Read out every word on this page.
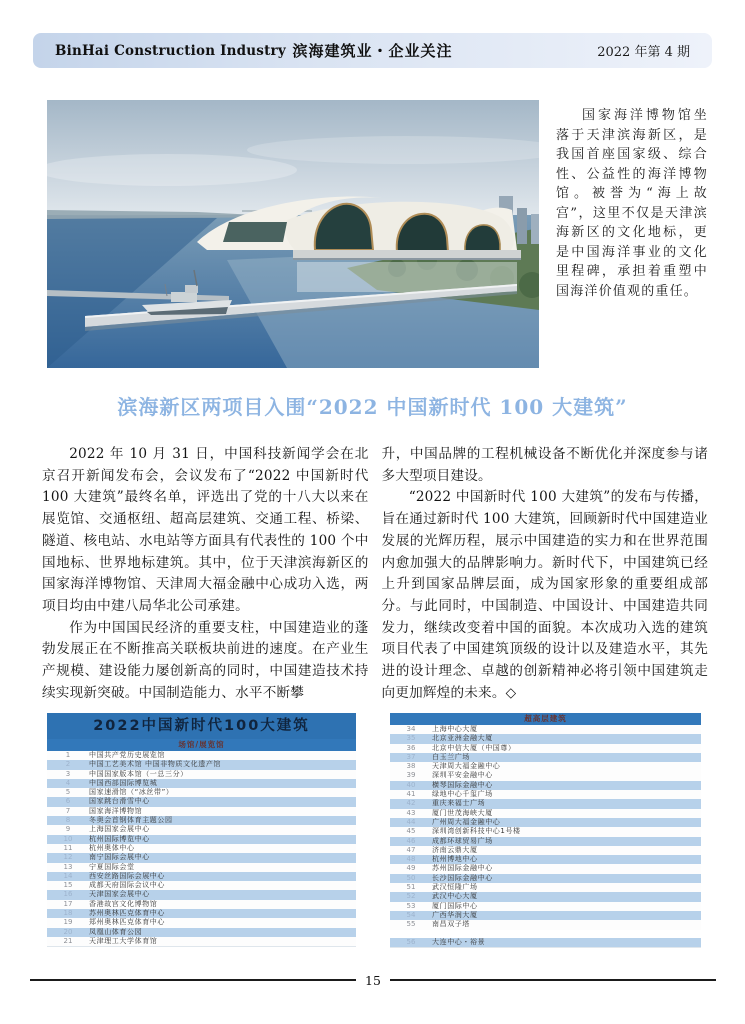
BinHai Construction Industry 滨海建筑业・企业关注	2022 年第 4 期
国家海洋博物馆坐落于天津滨海新区，是我国首座国家级、综合性、公益性的海洋博物馆。被誉为“海上故宫”，这里不仅是天津滨海新区的文化地标，更是中国海洋事业的文化里程碑，承担着重塑中国海洋价值观的重任。
滨海新区两项目入围“2022 中国新时代 100 大建筑”

2022 年 10 月 31 日，中国科技新闻学会在北京召开新闻发布会，会议发布了“2022 中国新时代 100 大建筑”最终名单，评选出了党的十八大以来在展览馆、交通枢纽、超高层建筑、交通工程、桥梁、隧道、核电站、水电站等方面具有代表性的 100 个中国地标、世界地标建筑。其中，位于天津滨海新区的国家海洋博物馆、天津周大福金融中心成功入选，两项目均由中建八局华北公司承建。

作为中国国民经济的重要支柱，中国建造业的蓬勃发展正在不断推高关联板块前进的速度。在产业生产规模、建设能力屡创新高的同时，中国建造技术持续实现新突破。中国制造能力、水平不断攀

升，中国品牌的工程机械设备不断优化并深度参与诸多大型项目建设。

“2022 中国新时代 100 大建筑”的发布与传播，旨在通过新时代 100 大建筑，回顾新时代中国建造业发展的光辉历程，展示中国建造的实力和在世界范围内愈加强大的品牌影响力。新时代下，中国建筑已经上升到国家品牌层面，成为国家形象的重要组成部分。与此同时，中国制造、中国设计、中国建造共同发力，继续改变着中国的面貌。本次成功入选的建筑项目代表了中国建筑顶级的设计以及建造水平，其先进的设计理念、卓越的创新精神必将引领中国建筑走向更加辉煌的未来。◇

2022中国新时代100大建筑
场馆/展览馆
1	中国共产党历史展览馆
2	中国工艺美术馆 中国非物质文化遗产馆
3	中国国家版本馆（一总三分）
4	中国西部国际博览城
5	国家速滑馆（“冰丝带”）
6	国家跳台滑雪中心
7	国家海洋博物馆
8	冬奥会首钢体育主题公园
9	上海国家会展中心
10	杭州国际博览中心
11	杭州奥体中心
12	南宁国际会展中心
13	宁夏国际会堂
14	西安丝路国际会展中心
15	成都天府国际会议中心
16	天津国家会展中心
17	香港故宫文化博物馆
18	苏州奥林匹克体育中心
19	郑州奥林匹克体育中心
20	凤凰山体育公园
21	天津理工大学体育馆
超高层建筑
34	上海中心大厦
35	北京亚洲金融大厦
36	北京中信大厦（中国尊）
37	白玉兰广场
38	天津周大福金融中心
39	深圳平安金融中心
40	横琴国际金融中心
41	绿地中心千玺广场
42	重庆来福士广场
43	厦门世茂海峡大厦
44	广州周大福金融中心
45	深圳湾创新科技中心1号楼
46	成都环球贸易广场
47	济南云鼎大厦
48	杭州博地中心
49	苏州国际金融中心
50	长沙国际金融中心
51	武汉恒隆广场
52	武汉中心大厦
53	厦门国际中心
54	广西华润大厦
55	南昌双子塔
56	大连中心・裕景
15
